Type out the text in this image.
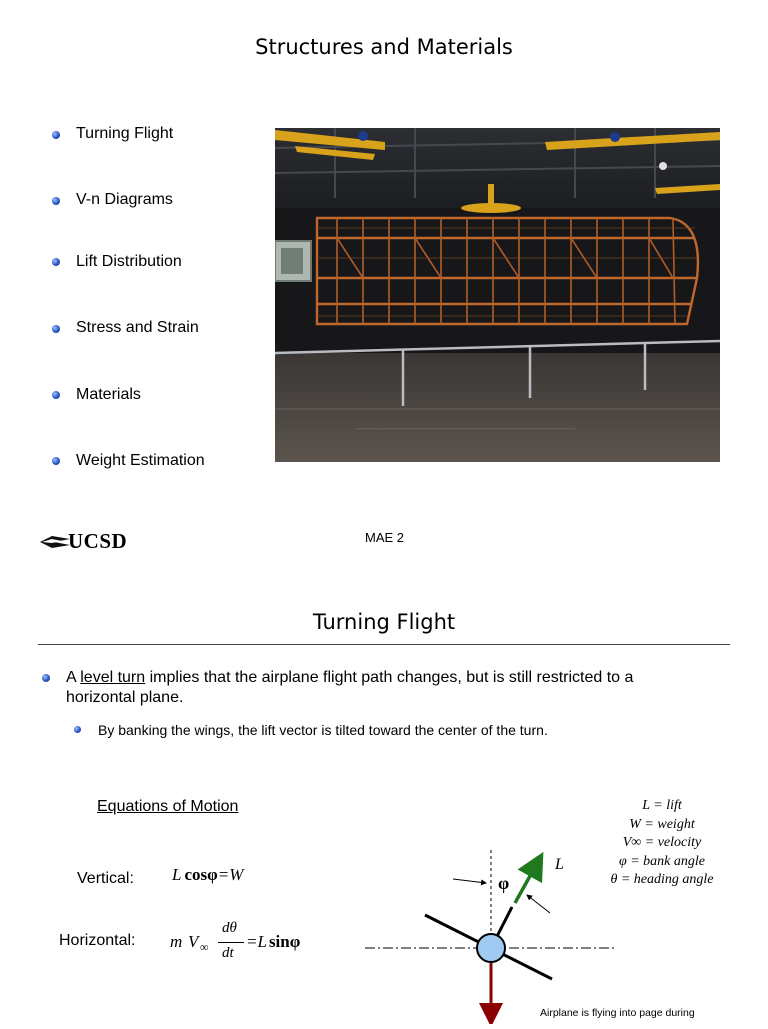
Structures and Materials
Turning Flight
V-n Diagrams
Lift Distribution
Stress and Strain
Materials
Weight Estimation
UCSD	MAE 2
Turning Flight
A level turn implies that the airplane flight path changes, but is still restricted to a horizontal plane.
By banking the wings, the lift vector is tilted toward the center of the turn.
Equations of Motion
Vertical: L cosφ=W
Horizontal: m V ∞
dθ
dt
=L sinφ
L = lift
W = weight
V∞ = velocity
φ = bank angle
θ = heading angle
φ
L
Airplane is flying into page during
